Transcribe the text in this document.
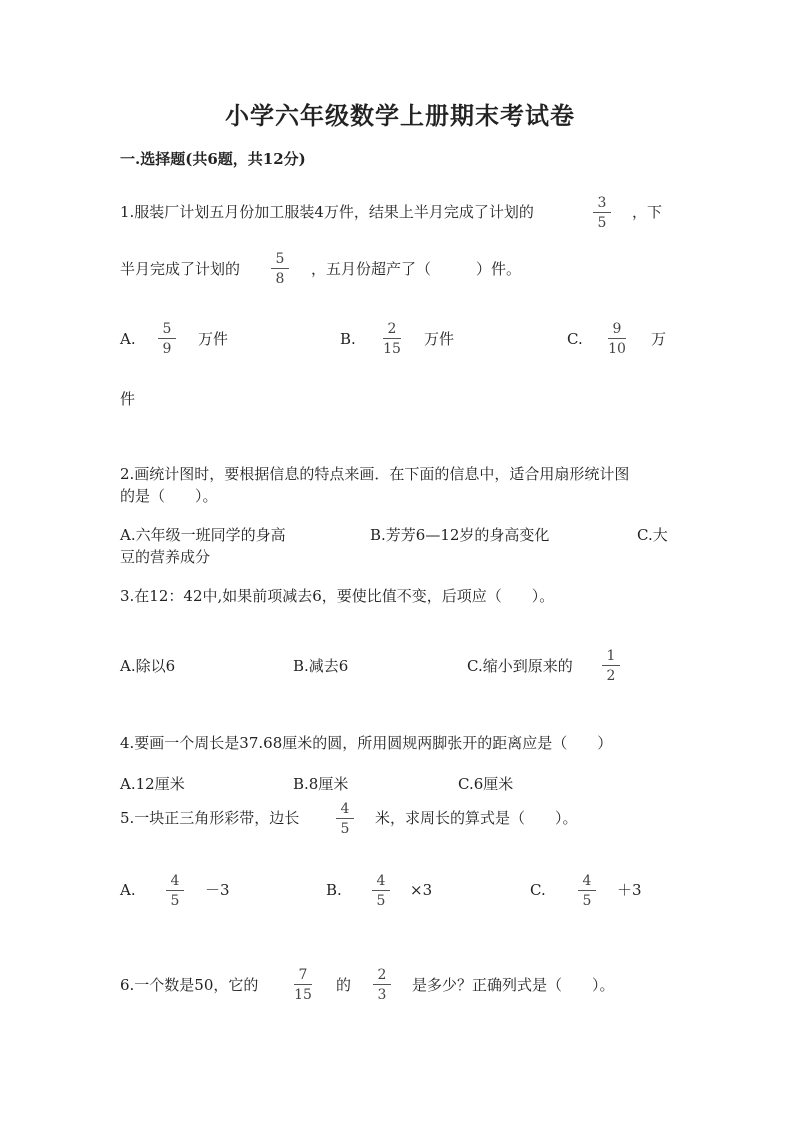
小学六年级数学上册期末考试卷
一.选择题(共6题，共12分)
1.服装厂计划五月份加工服装4万件，结果上半月完成了计划的	3
5
，下
半月完成了计划的
5
8
，五月份超产了（　　　）件。
A.
5
9
万件	B.
2
15
万件	C.
9
10
万
件
2.画统计图时，要根据信息的特点来画．在下面的信息中，适合用扇形统计图
的是（　　）。
A.六年级一班同学的身高	B.芳芳6—12岁的身高变化	C.大
豆的营养成分
3.在12：42中,如果前项减去6，要使比值不变，后项应（　　）。
A.除以6	B.减去6	C.缩小到原来的
1
2
4.要画一个周长是37.68厘米的圆，所用圆规两脚张开的距离应是（　　）
A.12厘米	B.8厘米	C.6厘米
5.一块正三角形彩带，边长	4
5
米，求周长的算式是（　　）。
A.	4
5
－3	B.	4
5
×3	C.	4
5
＋3
6.一个数是50，它的
7
15
的
2
3
是多少？正确列式是（　　）。
